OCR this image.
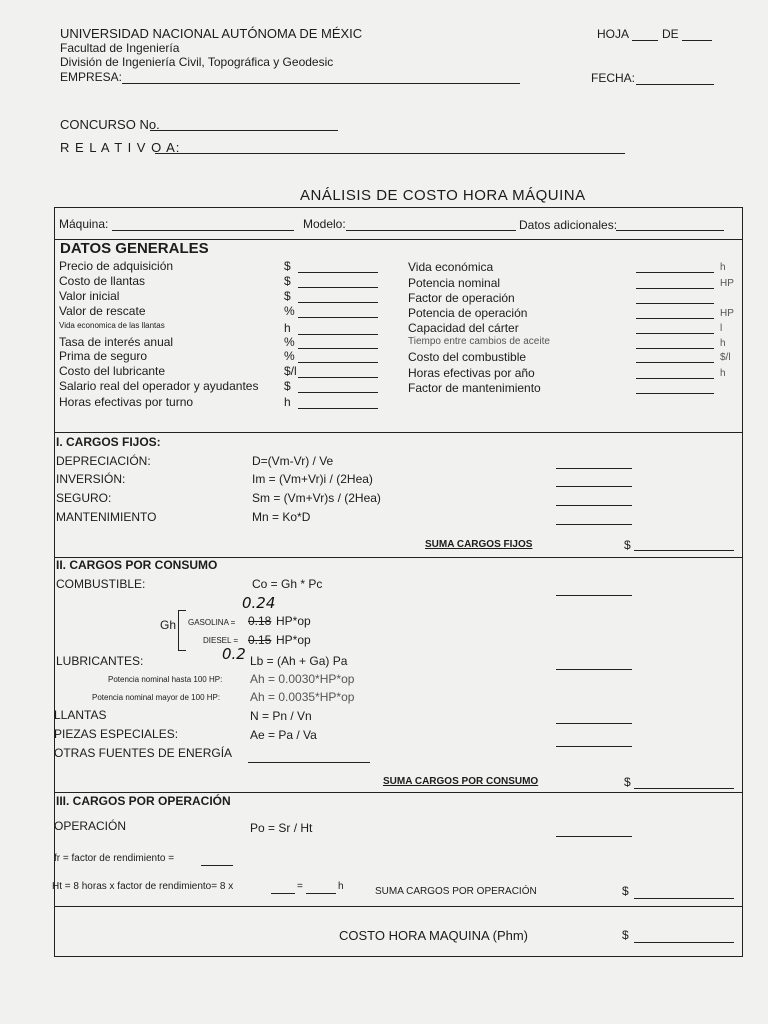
UNIVERSIDAD NACIONAL AUTÓNOMA DE MÉXIC
Facultad de Ingeniería
División de Ingeniería Civil, Topográfica y Geodesic
EMPRESA:
HOJA	DE
FECHA:
CONCURSO No.
R E L A T I V O A:
ANÁLISIS DE COSTO HORA MÁQUINA
Máquina:	Modelo:	Datos adicionales:
DATOS GENERALES
Precio de adquisición	$
Costo de llantas	$
Valor inicial	$
Valor de rescate	%
Vida economica de las llantas	h
Tasa de interés anual	%
Prima de seguro	%
Costo del lubricante	$/l
Salario real del operador y ayudantes $
Horas efectivas por turno	h
Vida económica	h
Potencia nominal	HP
Factor de operación
Potencia de operación	HP
Capacidad del cárter	l
Tiempo entre cambios de aceite	h
Costo del combustible	$/l
Horas efectivas por año	h
Factor de mantenimiento
I. CARGOS FIJOS:
DEPRECIACIÓN:	D=(Vm-Vr) / Ve
INVERSIÓN:	Im = (Vm+Vr)i / (2Hea)
SEGURO:	Sm = (Vm+Vr)s / (2Hea)
MANTENIMIENTO	Mn = Ko*D
SUMA CARGOS FIJOS	$
II. CARGOS POR CONSUMO
COMBUSTIBLE:	Co = Gh * Pc
Gh
0.24
GASOLINA = 0.18 HP*op
DIESEL = 0.15 HP*op
0.2
LUBRICANTES:	Lb = (Ah + Ga) Pa
Potencia nominal hasta 100 HP: Ah = 0.0030*HP*op
Potencia nominal mayor de 100 HP: Ah = 0.0035*HP*op
LLANTAS	N = Pn / Vn
PIEZAS ESPECIALES:	Ae = Pa / Va
OTRAS FUENTES DE ENERGÍA
SUMA CARGOS POR CONSUMO	$
III. CARGOS POR OPERACIÓN
OPERACIÓN	Po = Sr / Ht
fr = factor de rendimiento =
Ht = 8 horas x factor de rendimiento= 8 x	=	h	SUMA CARGOS POR OPERACIÓN	$
COSTO HORA MAQUINA (Phm)	$
